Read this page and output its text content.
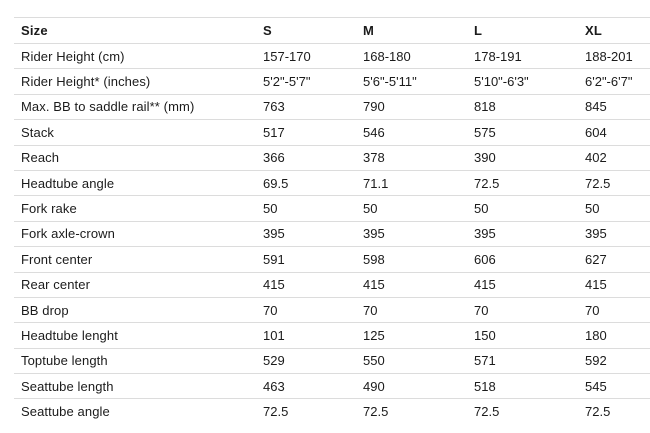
Size	S	M	L	XL
Rider Height (cm)	157-170	168-180	178-191	188-201
Rider Height* (inches)	5'2"-5'7"	5'6"-5'11"	5'10"-6'3"	6'2"-6'7"
Max. BB to saddle rail** (mm)	763	790	818	845
Stack	517	546	575	604
Reach	366	378	390	402
Headtube angle	69.5	71.1	72.5	72.5
Fork rake	50	50	50	50
Fork axle-crown	395	395	395	395
Front center	591	598	606	627
Rear center	415	415	415	415
BB drop	70	70	70	70
Headtube lenght	101	125	150	180
Toptube length	529	550	571	592
Seattube length	463	490	518	545
Seattube angle	72.5	72.5	72.5	72.5
